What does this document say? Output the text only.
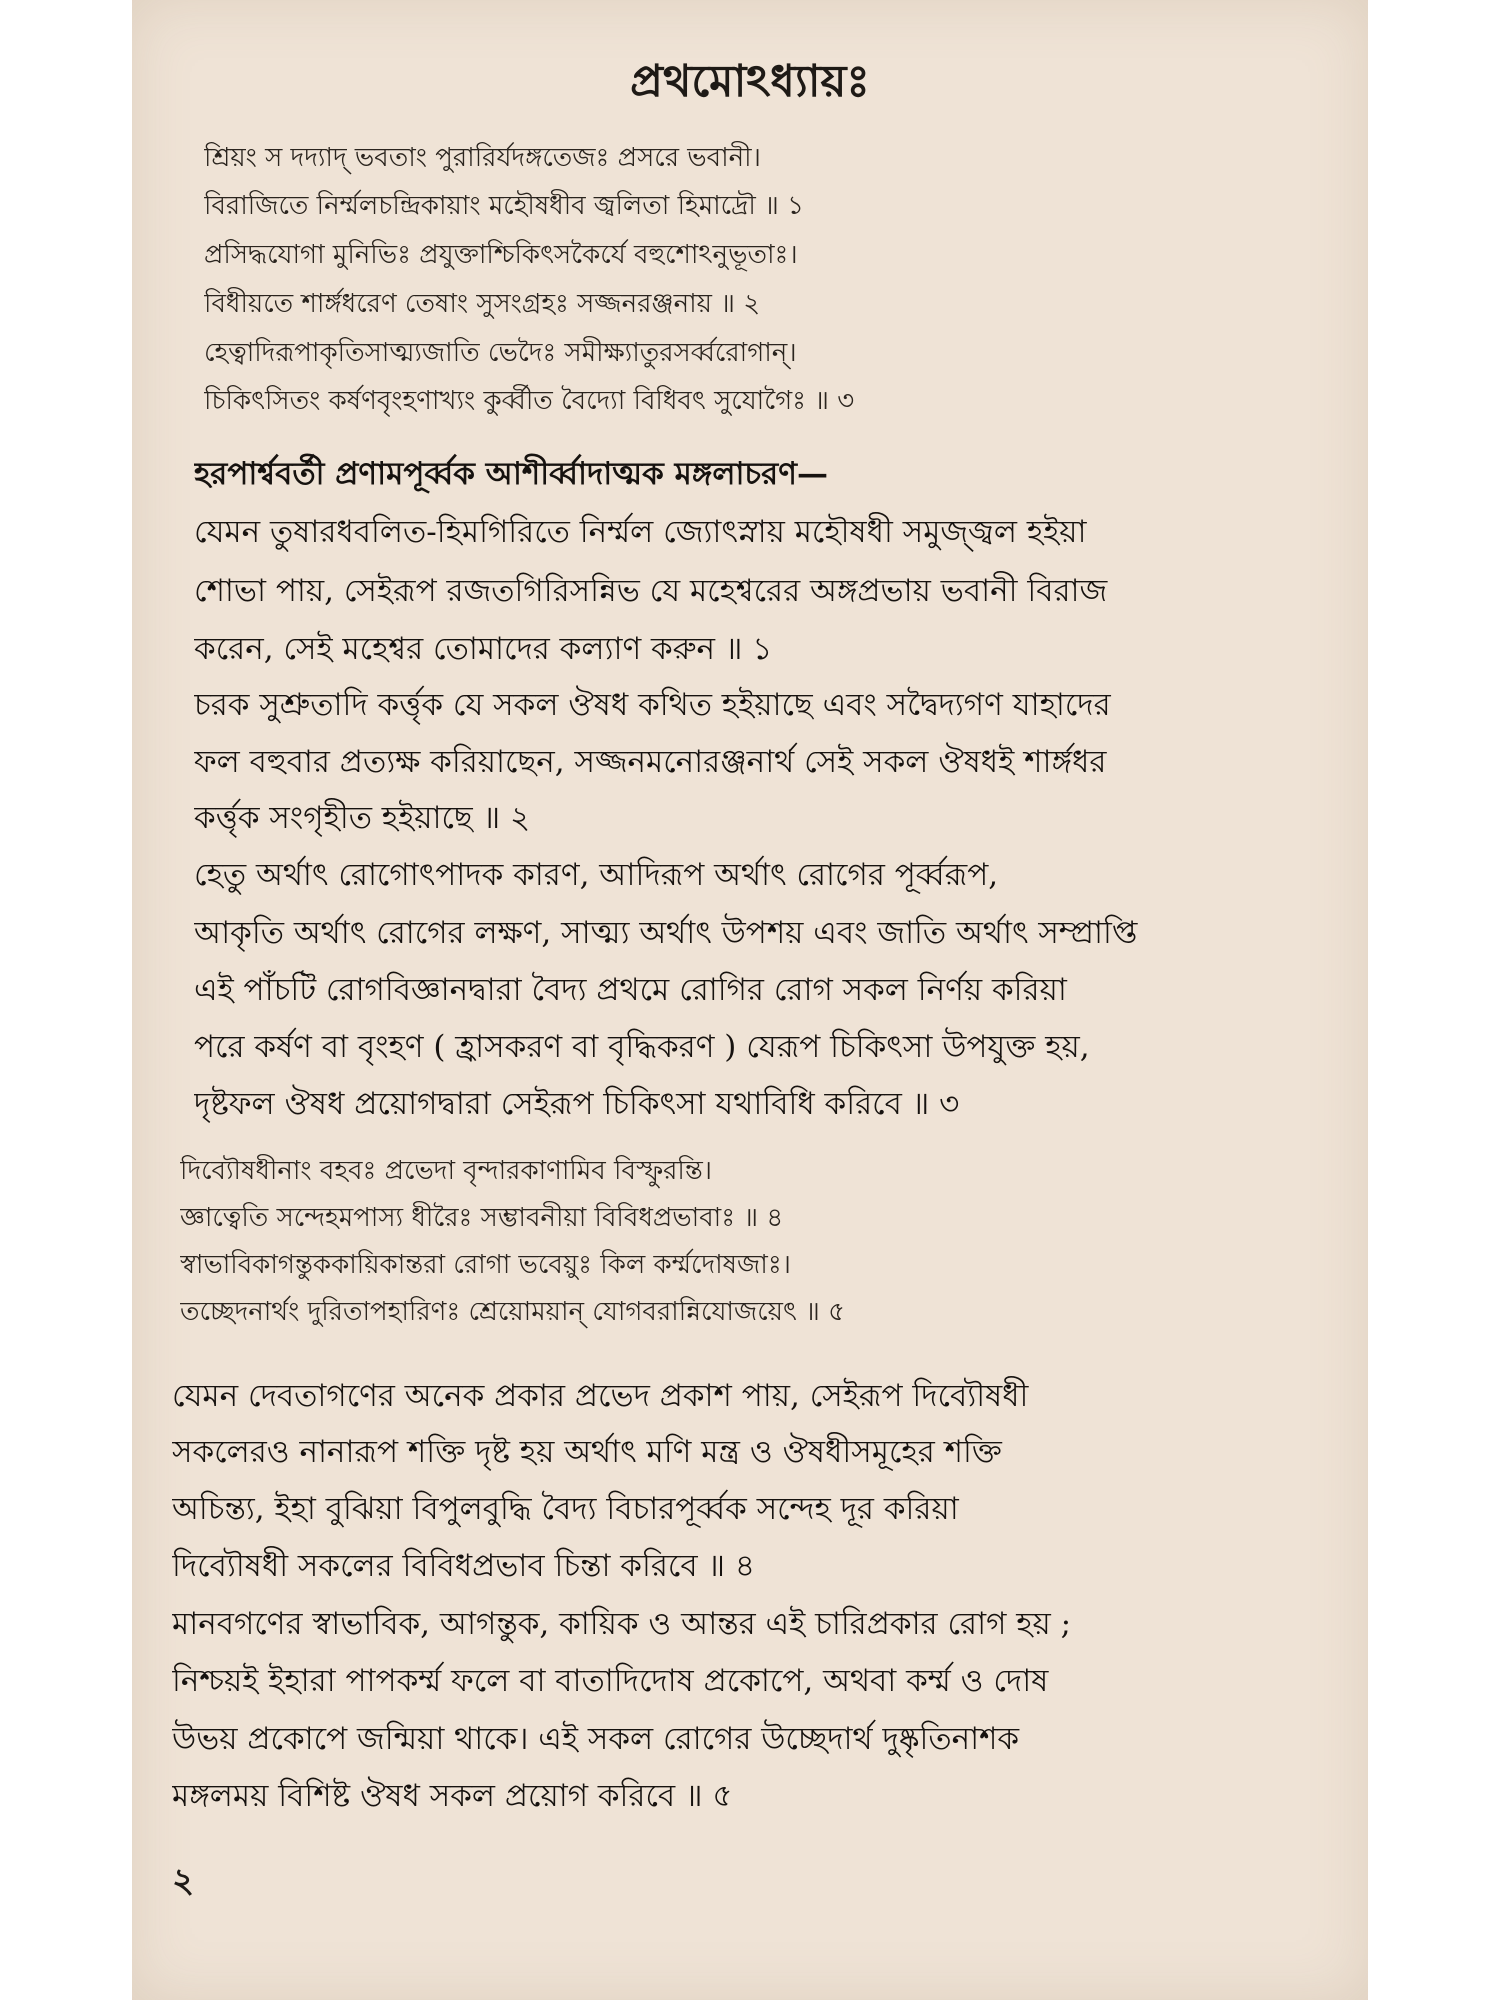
প্রথমোঽধ্যায়ঃ
শ্রিয়ং স দদ্যাদ্ ভবতাং পুরারির্যদঙ্গতেজঃ প্রসরে ভবানী।
বিরাজিতে নির্ম্মলচন্দ্রিকায়াং মহৌষধীব জ্বলিতা হিমাদ্রৌ ॥ ১
প্রসিদ্ধযোগা মুনিভিঃ প্রযুক্তাশ্চিকিৎসকৈর্যে বহুশোঽনুভূতাঃ।
বিধীয়তে শার্ঙ্গধরেণ তেষাং সুসংগ্রহঃ সজ্জনরঞ্জনায় ॥ ২
হেত্বাদিরূপাকৃতিসাত্ম্যজাতি ভেদৈঃ সমীক্ষ্যাতুরসর্ব্বরোগান্।
চিকিৎসিতং কর্ষণবৃংহণাখ্যং কুর্ব্বীত বৈদ্যো বিধিবৎ সুযোগৈঃ ॥ ৩
হরপার্শ্ববর্তী প্রণামপূর্ব্বক আশীর্ব্বাদাত্মক মঙ্গলাচরণ—
যেমন তুষারধবলিত-হিমগিরিতে নির্ম্মল জ্যোৎস্নায় মহৌষধী সমুজ্জ্বল হইয়া
শোভা পায়, সেইরূপ রজতগিরিসন্নিভ যে মহেশ্বরের অঙ্গপ্রভায় ভবানী বিরাজ
করেন, সেই মহেশ্বর তোমাদের কল্যাণ করুন ॥ ১
চরক সুশ্রুতাদি কর্ত্তৃক যে সকল ঔষধ কথিত হইয়াছে এবং সদ্বৈদ্যগণ যাহাদের
ফল বহুবার প্রত্যক্ষ করিয়াছেন, সজ্জনমনোরঞ্জনার্থ সেই সকল ঔষধই শার্ঙ্গধর
কর্ত্তৃক সংগৃহীত হইয়াছে ॥ ২
হেতু অর্থাৎ রোগোৎপাদক কারণ, আদিরূপ অর্থাৎ রোগের পূর্ব্বরূপ,
আকৃতি অর্থাৎ রোগের লক্ষণ, সাত্ম্য অর্থাৎ উপশয় এবং জাতি অর্থাৎ সম্প্রাপ্তি
এই পাঁচটি রোগবিজ্ঞানদ্বারা বৈদ্য প্রথমে রোগির রোগ সকল নির্ণয় করিয়া
পরে কর্ষণ বা বৃংহণ ( হ্রাসকরণ বা বৃদ্ধিকরণ ) যেরূপ চিকিৎসা উপযুক্ত হয়,
দৃষ্টফল ঔষধ প্রয়োগদ্বারা সেইরূপ চিকিৎসা যথাবিধি করিবে ॥ ৩
দিব্যৌষধীনাং বহবঃ প্রভেদা বৃন্দারকাণামিব বিস্ফুরন্তি।
জ্ঞাত্বেতি সন্দেহমপাস্য ধীরৈঃ সম্ভাবনীয়া বিবিধপ্রভাবাঃ ॥ ৪
স্বাভাবিকাগন্তুককায়িকান্তরা রোগা ভবেয়ুঃ কিল কর্ম্মদোষজাঃ।
তচ্ছেদনার্থং দুরিতাপহারিণঃ শ্রেয়োময়ান্ যোগবরান্নিযোজয়েৎ ॥ ৫
যেমন দেবতাগণের অনেক প্রকার প্রভেদ প্রকাশ পায়, সেইরূপ দিব্যৌষধী
সকলেরও নানারূপ শক্তি দৃষ্ট হয় অর্থাৎ মণি মন্ত্র ও ঔষধীসমূহের শক্তি
অচিন্ত্য, ইহা বুঝিয়া বিপুলবুদ্ধি বৈদ্য বিচারপূর্ব্বক সন্দেহ দূর করিয়া
দিব্যৌষধী সকলের বিবিধপ্রভাব চিন্তা করিবে ॥ ৪
মানবগণের স্বাভাবিক, আগন্তুক, কায়িক ও আন্তর এই চারিপ্রকার রোগ হয় ;
নিশ্চয়ই ইহারা পাপকর্ম্ম ফলে বা বাতাদিদোষ প্রকোপে, অথবা কর্ম্ম ও দোষ
উভয় প্রকোপে জন্মিয়া থাকে। এই সকল রোগের উচ্ছেদার্থ দুষ্কৃতিনাশক
মঙ্গলময় বিশিষ্ট ঔষধ সকল প্রয়োগ করিবে ॥ ৫
২
